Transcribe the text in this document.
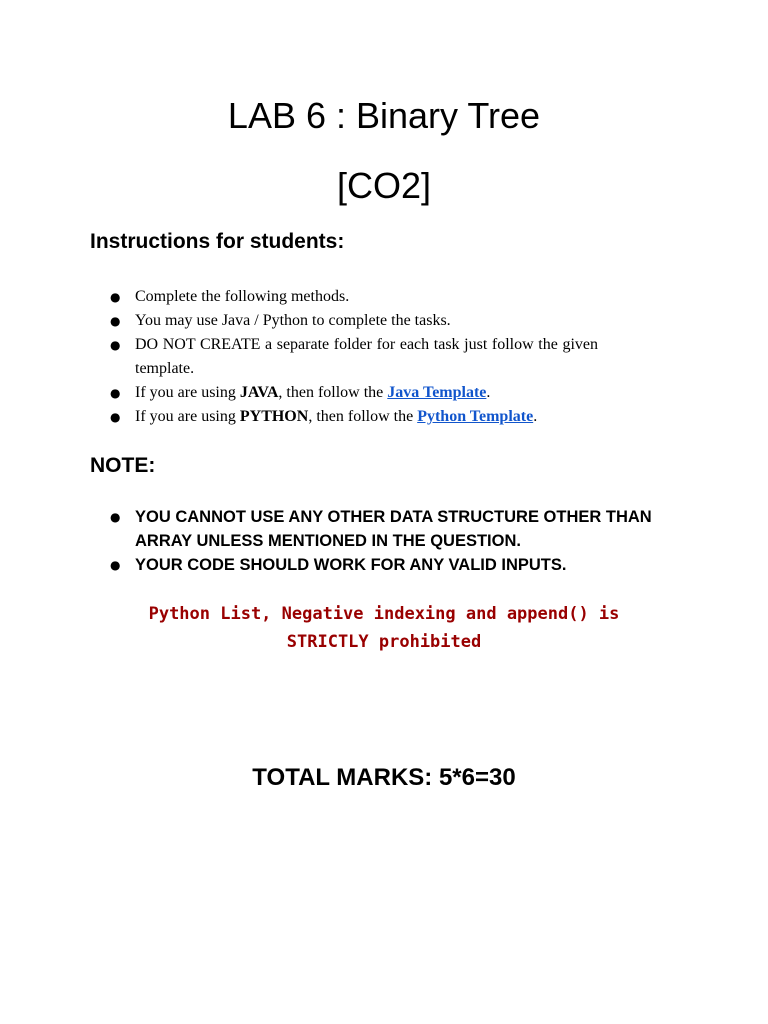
LAB 6 : Binary Tree
[CO2]
Instructions for students:
● Complete the following methods.
● You may use Java / Python to complete the tasks.
● DO NOT CREATE a separate folder for each task just follow the given template.
● If you are using JAVA, then follow the Java Template.
● If you are using PYTHON, then follow the Python Template.
NOTE:
● YOU CANNOT USE ANY OTHER DATA STRUCTURE OTHER THAN ARRAY UNLESS MENTIONED IN THE QUESTION.
● YOUR CODE SHOULD WORK FOR ANY VALID INPUTS.
Python List, Negative indexing and append() is
STRICTLY prohibited
TOTAL MARKS: 5*6=30
